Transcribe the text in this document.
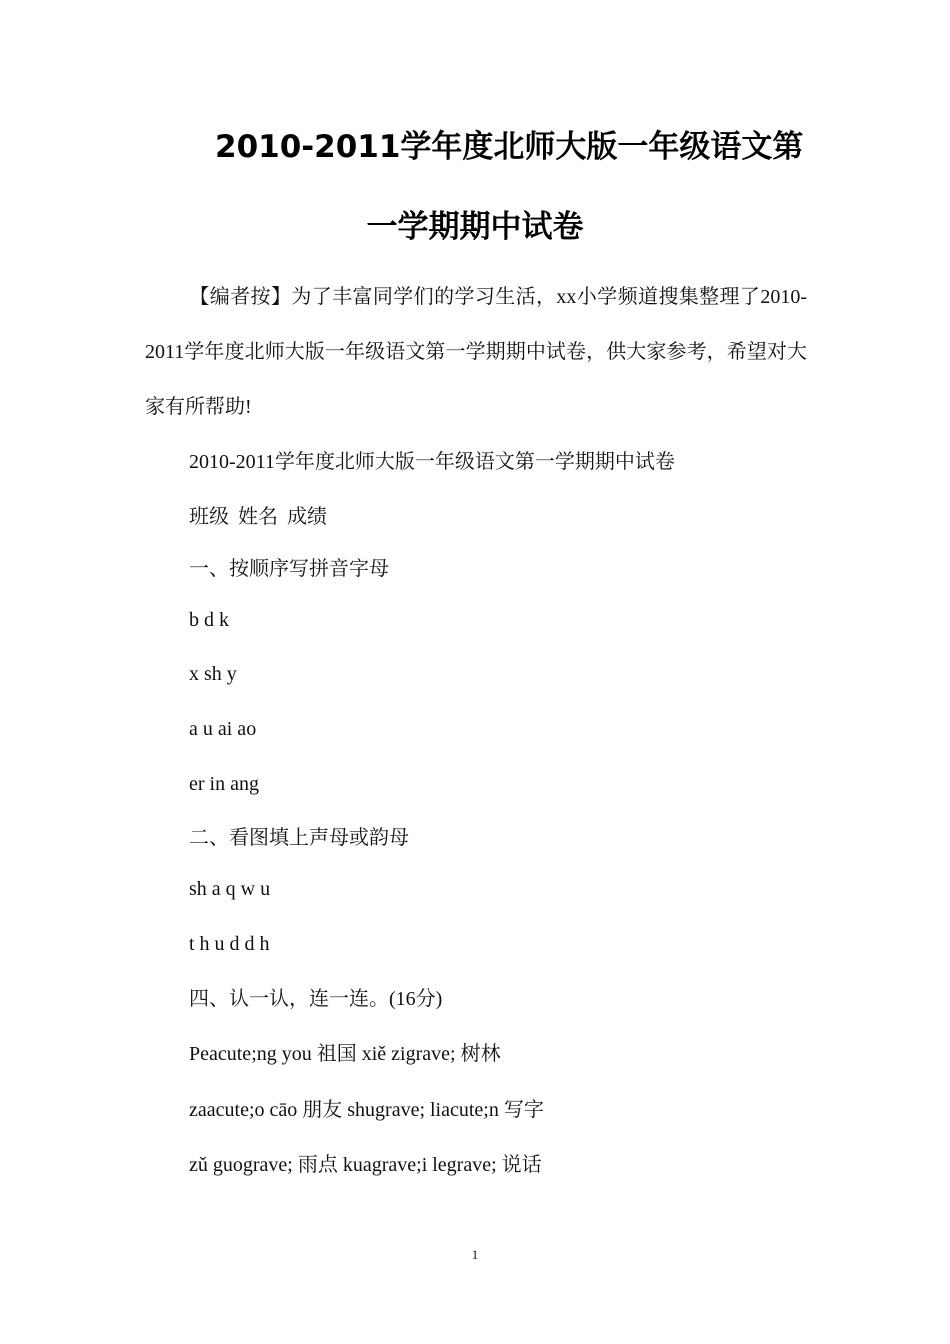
2010-2011学年度北师大版一年级语文第
一学期期中试卷
【编者按】为了丰富同学们的学习生活，xx小学频道搜集整理了2010-2011学年度北师大版一年级语文第一学期期中试卷，供大家参考，希望对大家有所帮助!
2010-2011学年度北师大版一年级语文第一学期期中试卷
班级 姓名 成绩
一、按顺序写拼音字母
b d k
x sh y
a u ai ao
er in ang
二、看图填上声母或韵母
sh a q w u
t h u d d h
四、认一认，连一连。(16分)
Peacute;ng you 祖国 xiě zigrave; 树林
zaacute;o cāo 朋友 shugrave; liacute;n 写字
zǔ guograve; 雨点 kuagrave;i legrave; 说话
1
